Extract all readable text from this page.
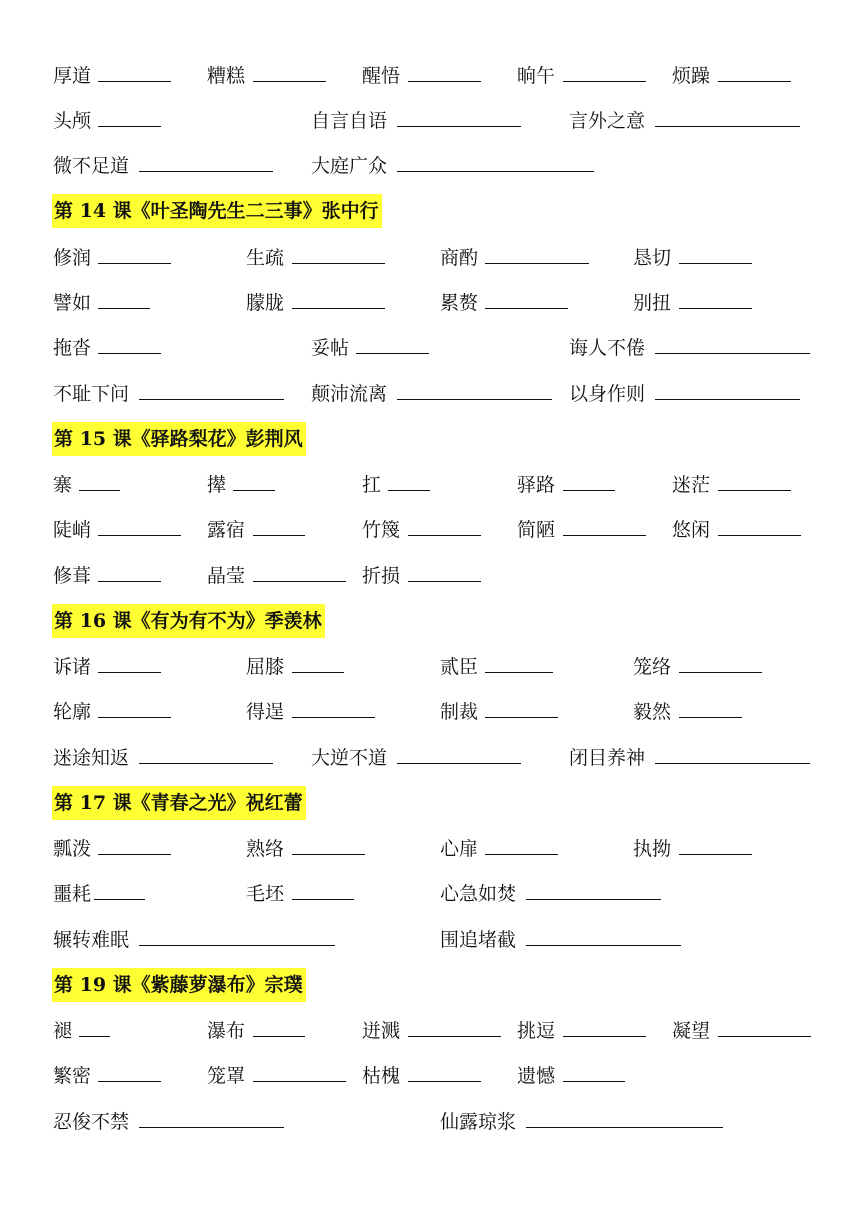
厚道	糟糕	醒悟	晌午	烦躁
头颅	自言自语	言外之意
微不足道	大庭广众
第 14 课《叶圣陶先生二三事》张中行
修润	生疏	商酌	恳切
譬如	朦胧	累赘	别扭
拖沓	妥帖	诲人不倦
不耻下问	颠沛流离	以身作则
第 15 课《驿路梨花》彭荆风
寨	撵	扛	驿路	迷茫
陡峭	露宿	竹篾	简陋	悠闲
修葺	晶莹	折损
第 16 课《有为有不为》季羡林
诉诸	屈膝	贰臣	笼络
轮廓	得逞	制裁	毅然
迷途知返	大逆不道	闭目养神
第 17 课《青春之光》祝红蕾
瓢泼	熟络	心扉	执拗
噩耗	毛坯	心急如焚
辗转难眠	围追堵截
第 19 课《紫藤萝瀑布》宗璞
褪	瀑布	迸溅	挑逗	凝望
繁密	笼罩	枯槐	遗憾
忍俊不禁	仙露琼浆
